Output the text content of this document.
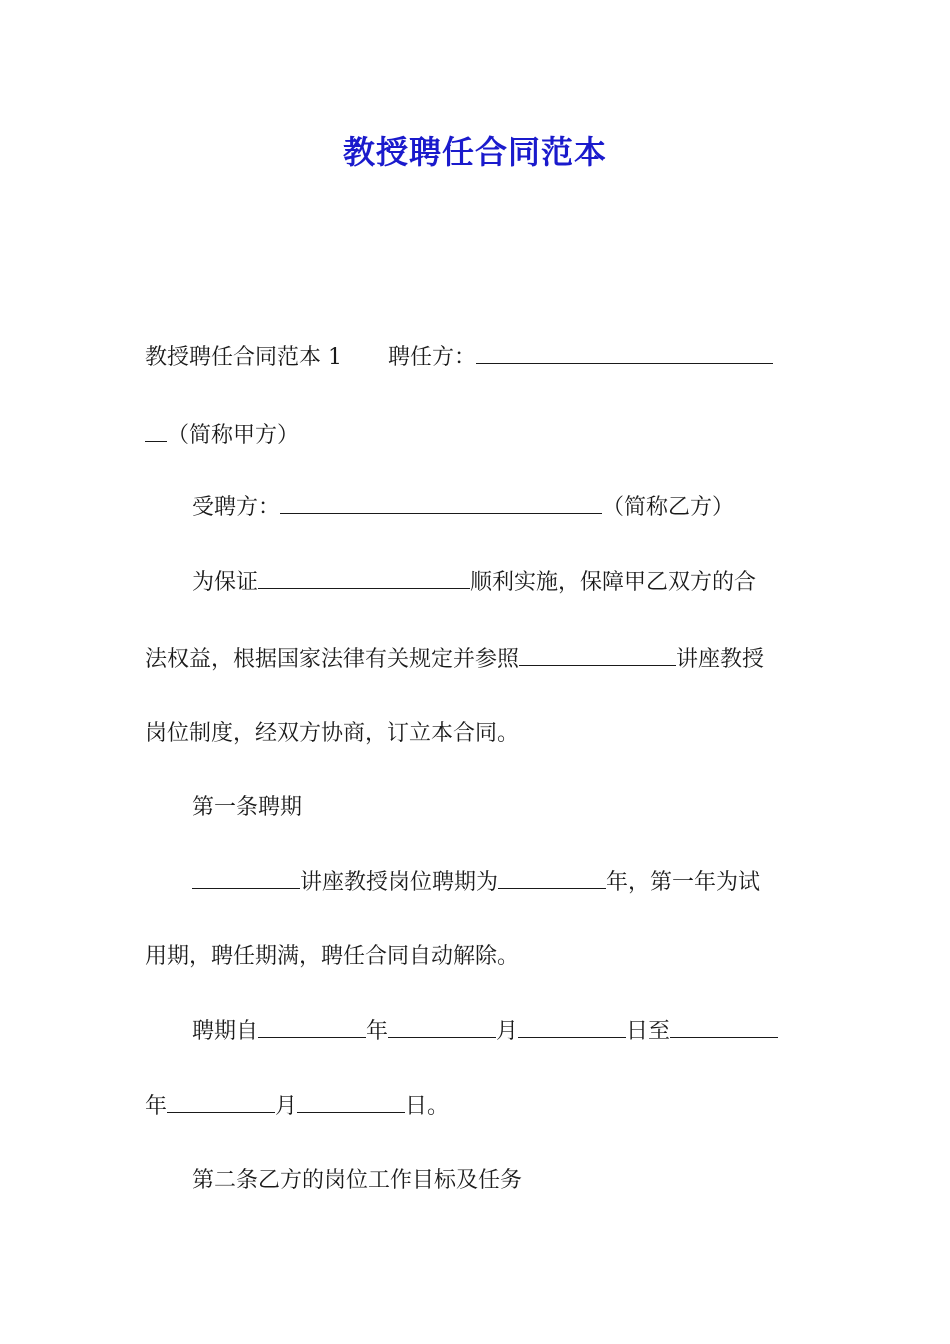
教授聘任合同范本
教授聘任合同范本 1 聘任方：
（简称甲方）
受聘方：	（简称乙方）
为保证	顺利实施，保障甲乙双方的合
法权益，根据国家法律有关规定并参照	讲座教授
岗位制度，经双方协商，订立本合同。
第一条聘期
讲座教授岗位聘期为	年，第一年为试
用期，聘任期满，聘任合同自动解除。
聘期自	年	月	日至
年	月	日。
第二条乙方的岗位工作目标及任务
